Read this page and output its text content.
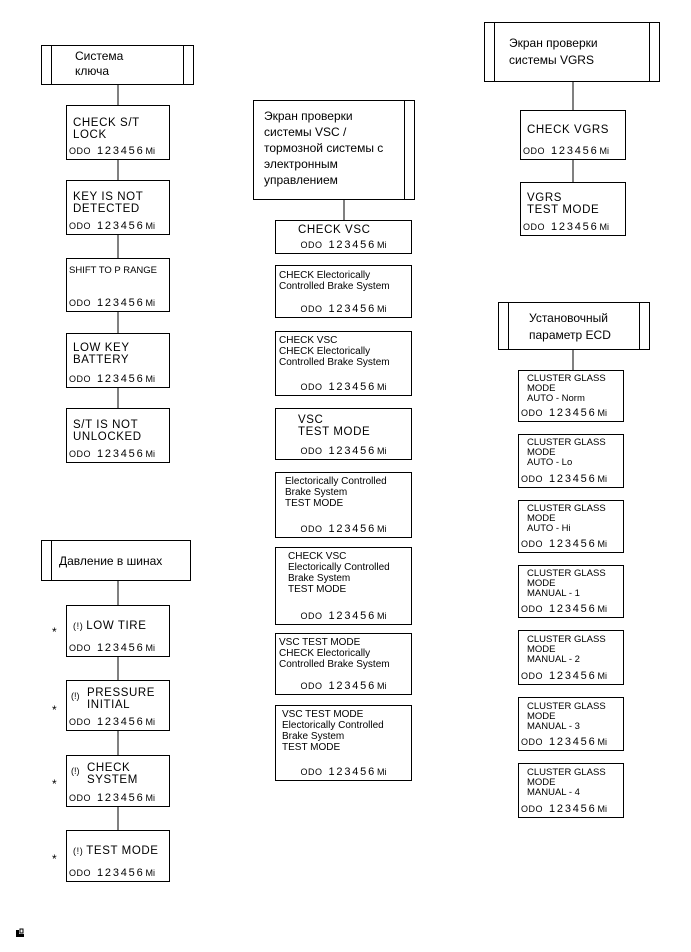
Система
ключа
CHECK S/T
LOCK
ODO 123456Mi
KEY IS NOT
DETECTED
ODO 123456Mi
SHIFT TO P RANGE
ODO 123456Mi
LOW KEY
BATTERY
ODO 123456Mi
S/T IS NOT
UNLOCKED
ODO 123456Mi
Давление в шинах
* (!) LOW TIRE
ODO 123456Mi
*
(!) PRESSURE
INITIAL
ODO 123456Mi
*
(!) CHECK
SYSTEM
ODO 123456Mi
*
(!) TEST MODE
ODO 123456Mi
Экран проверки
системы VSC /
тормозной системы с
электронным
управлением
CHECK VSC
ODO 123456Mi
CHECK Electorically
Controlled Brake System
ODO 123456Mi
CHECK VSC
CHECK Electorically
Controlled Brake System
ODO 123456Mi
VSC
TEST MODE
ODO 123456Mi
Electorically Controlled
Brake System
TEST MODE
ODO 123456Mi
CHECK VSC
Electorically Controlled
Brake System
TEST MODE
ODO 123456Mi
VSC TEST MODE
CHECK Electorically
Controlled Brake System
ODO 123456Mi
VSC TEST MODE
Electorically Controlled
Brake System
TEST MODE
ODO 123456Mi
Экран проверки
системы VGRS
CHECK VGRS
ODO 123456Mi
VGRS
TEST MODE
ODO 123456Mi
Установочный
параметр ECD
CLUSTER GLASS
MODE
AUTO - Norm
ODO 123456Mi
CLUSTER GLASS
MODE
AUTO - Lo
ODO 123456Mi
CLUSTER GLASS
MODE
AUTO - Hi
ODO 123456Mi
CLUSTER GLASS
MODE
MANUAL - 1
ODO 123456Mi
CLUSTER GLASS
MODE
MANUAL - 2
ODO 123456Mi
CLUSTER GLASS
MODE
MANUAL - 3
ODO 123456Mi
CLUSTER GLASS
MODE
MANUAL - 4
ODO 123456Mi
